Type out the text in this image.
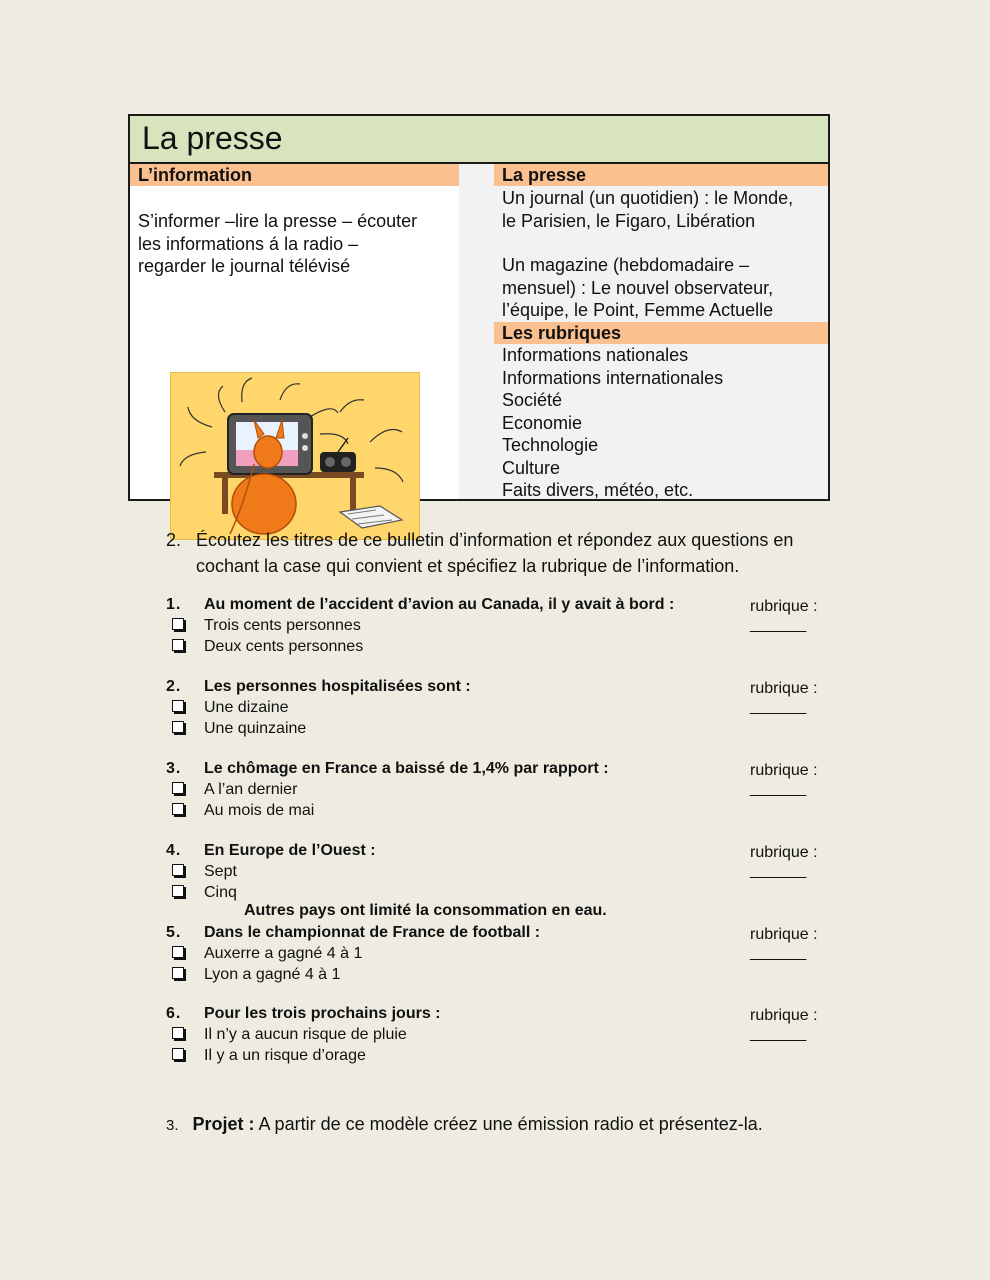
La presse
L’information
S’informer –lire la presse – écouter
les informations á la radio –
regarder le journal télévisé
La presse
Un journal (un quotidien) : le Monde,
le Parisien, le Figaro, Libération
Un magazine (hebdomadaire –
mensuel) : Le nouvel observateur,
l’équipe, le Point, Femme Actuelle
Les rubriques
Informations nationales
Informations internationales
Société
Economie
Technologie
Culture
Faits divers, météo, etc.
2. Écoutez les titres de ce bulletin d’information et répondez aux questions en
cochant la case qui convient et spécifiez la rubrique de l’information.
1. Au moment de l’accident d’avion au Canada, il y avait à bord :
Trois cents personnes
Deux cents personnes
rubrique :
_______
2. Les personnes hospitalisées sont :
Une dizaine
Une quinzaine
rubrique :
_______
3. Le chômage en France a baissé de 1,4% par rapport :
A l’an dernier
Au mois de mai
rubrique :
_______
4. En Europe de l’Ouest :
Sept
Cinq
rubrique :
_______
Autres pays ont limité la consommation en eau.
5. Dans le championnat de France de football :
Auxerre a gagné 4 à 1
Lyon a gagné 4 à 1
rubrique :
_______
6. Pour les trois prochains jours :
Il n’y a aucun risque de pluie
Il y a un risque d’orage
rubrique :
_______
3. Projet : A partir de ce modèle créez une émission radio et présentez-la.
